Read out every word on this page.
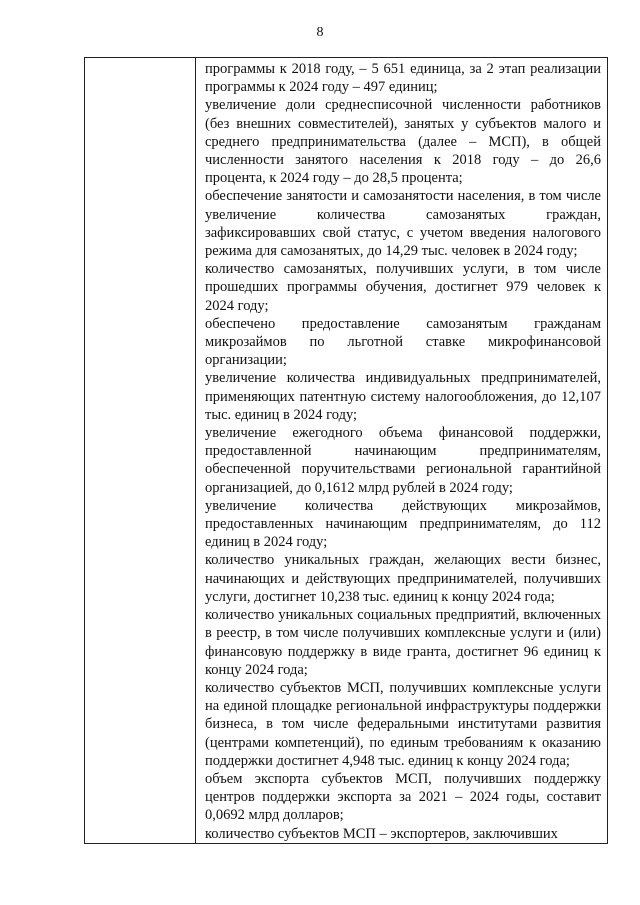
8

программы к 2018 году, – 5 651 единица, за 2 этап реализации программы к 2024 году – 497 единиц;

увеличение доли среднесписочной численности работников (без внешних совместителей), занятых у субъектов малого и среднего предпринимательства (далее – МСП), в общей численности занятого населения к 2018 году – до 26,6 процента, к 2024 году – до 28,5 процента;

обеспечение занятости и самозанятости населения, в том числе увеличение количества самозанятых граждан, зафиксировавших свой статус, с учетом введения налогового режима для самозанятых, до 14,29 тыс. человек в 2024 году;

количество самозанятых, получивших услуги, в том числе прошедших программы обучения, достигнет 979 человек к 2024 году;

обеспечено предоставление самозанятым гражданам микрозаймов по льготной ставке микрофинансовой организации;

увеличение количества индивидуальных предпринимателей, применяющих патентную систему налогообложения, до 12,107 тыс. единиц в 2024 году;

увеличение ежегодного объема финансовой поддержки, предоставленной начинающим предпринимателям, обеспеченной поручительствами региональной гарантийной организацией, до 0,1612 млрд рублей в 2024 году;

увеличение количества действующих микрозаймов, предоставленных начинающим предпринимателям, до 112 единиц в 2024 году;

количество уникальных граждан, желающих вести бизнес, начинающих и действующих предпринимателей, получивших услуги, достигнет 10,238 тыс. единиц к концу 2024 года;

количество уникальных социальных предприятий, включенных в реестр, в том числе получивших комплексные услуги и (или) финансовую поддержку в виде гранта, достигнет 96 единиц к концу 2024 года;

количество субъектов МСП, получивших комплексные услуги на единой площадке региональной инфраструктуры поддержки бизнеса, в том числе федеральными институтами развития (центрами компетенций), по единым требованиям к оказанию поддержки достигнет 4,948 тыс. единиц к концу 2024 года;

объем экспорта субъектов МСП, получивших поддержку центров поддержки экспорта за 2021 – 2024 годы, составит 0,0692 млрд долларов;

количество субъектов МСП – экспортеров, заключивших
